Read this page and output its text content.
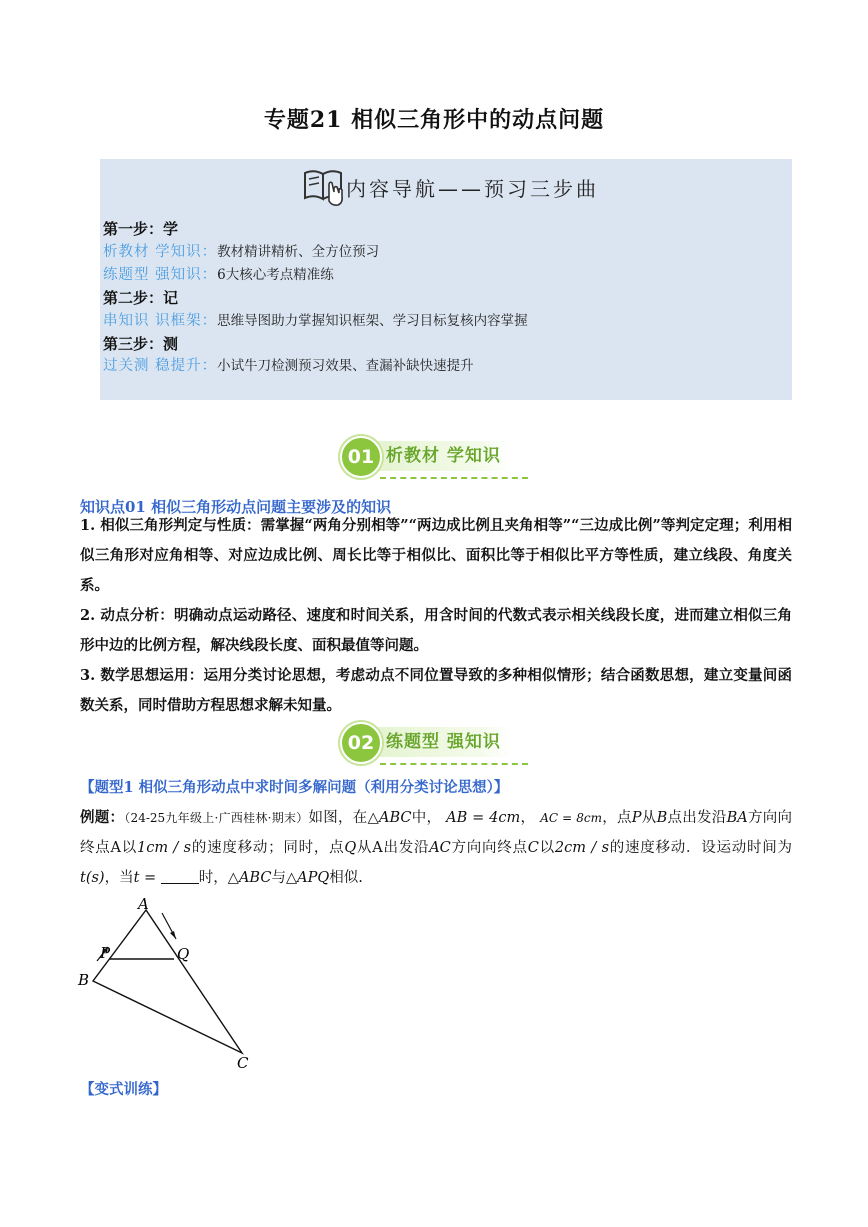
专题21 相似三角形中的动点问题
内容导航——预习三步曲
第一步：学
析教材 学知识：教材精讲精析、全方位预习
练题型 强知识：6大核心考点精准练
第二步：记
串知识 识框架：思维导图助力掌握知识框架、学习目标复核内容掌握
第三步：测
过关测 稳提升：小试牛刀检测预习效果、查漏补缺快速提升
析教材 学知识
01
知识点01 相似三角形动点问题主要涉及的知识
1. 相似三角形判定与性质：需掌握“两角分别相等”“两边成比例且夹角相等”“三边成比例”等判定定理；利用相似三角形对应角相等、对应边成比例、周长比等于相似比、面积比等于相似比平方等性质，建立线段、角度关系。
2. 动点分析：明确动点运动路径、速度和时间关系，用含时间的代数式表示相关线段长度，进而建立相似三角形中边的比例方程，解决线段长度、面积最值等问题。
3. 数学思想运用：运用分类讨论思想，考虑动点不同位置导致的多种相似情形；结合函数思想，建立变量间函数关系，同时借助方程思想求解未知量。
练题型 强知识
02
【题型1 相似三角形动点中求时间多解问题（利用分类讨论思想）】
例题：（24-25九年级上·广西桂林·期末）如图，在△ABC中， AB = 4cm， AC = 8cm，点P从B点出发沿BA方向向终点A以1cm / s的速度移动；同时，点Q从A出发沿AC方向向终点C以2cm / s的速度移动．设运动时间为t(s)，当t =	时，△ABC与△APQ相似.
A
B
C
P	Q
【变式训练】
